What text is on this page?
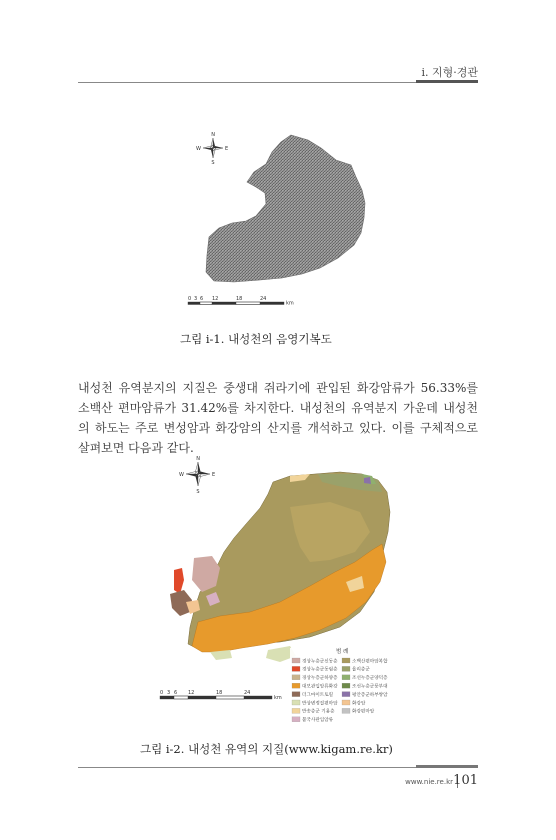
i. 지형·경관
N
E
S
W
0 3 6 12	18	24
km
그림 ⅰ-1. 내성천의 음영기복도
내성천 유역분지의 지질은 중생대 쥐라기에 관입된 화강암류가 56.33%를 소백산 편마암류가 31.42%를 차지한다. 내성천의 유역분지 가운데 내성천의 하도는 주로 변성암과 화강암의 산지를 개석하고 있다. 이를 구체적으로 살펴보면 다음과 같다.
N
E
S
W
0 3 6 12	18	24
km
범 례
경상누층군신동층
경상누층군동림층
경상누층군하양층
대보관입암류화강
더그마이트토릴
반상변정질편마암
반송층군 기용층
불국사관입암류
소백산편마암복합
율리층군
조선누층군양덕층
조선누층군풍부대
평안층군하부쌍암
화강암
화강편마암
그림 ⅰ-2. 내성천 유역의 지질(www.kigam.re.kr)
www.nie.re.kr 101
